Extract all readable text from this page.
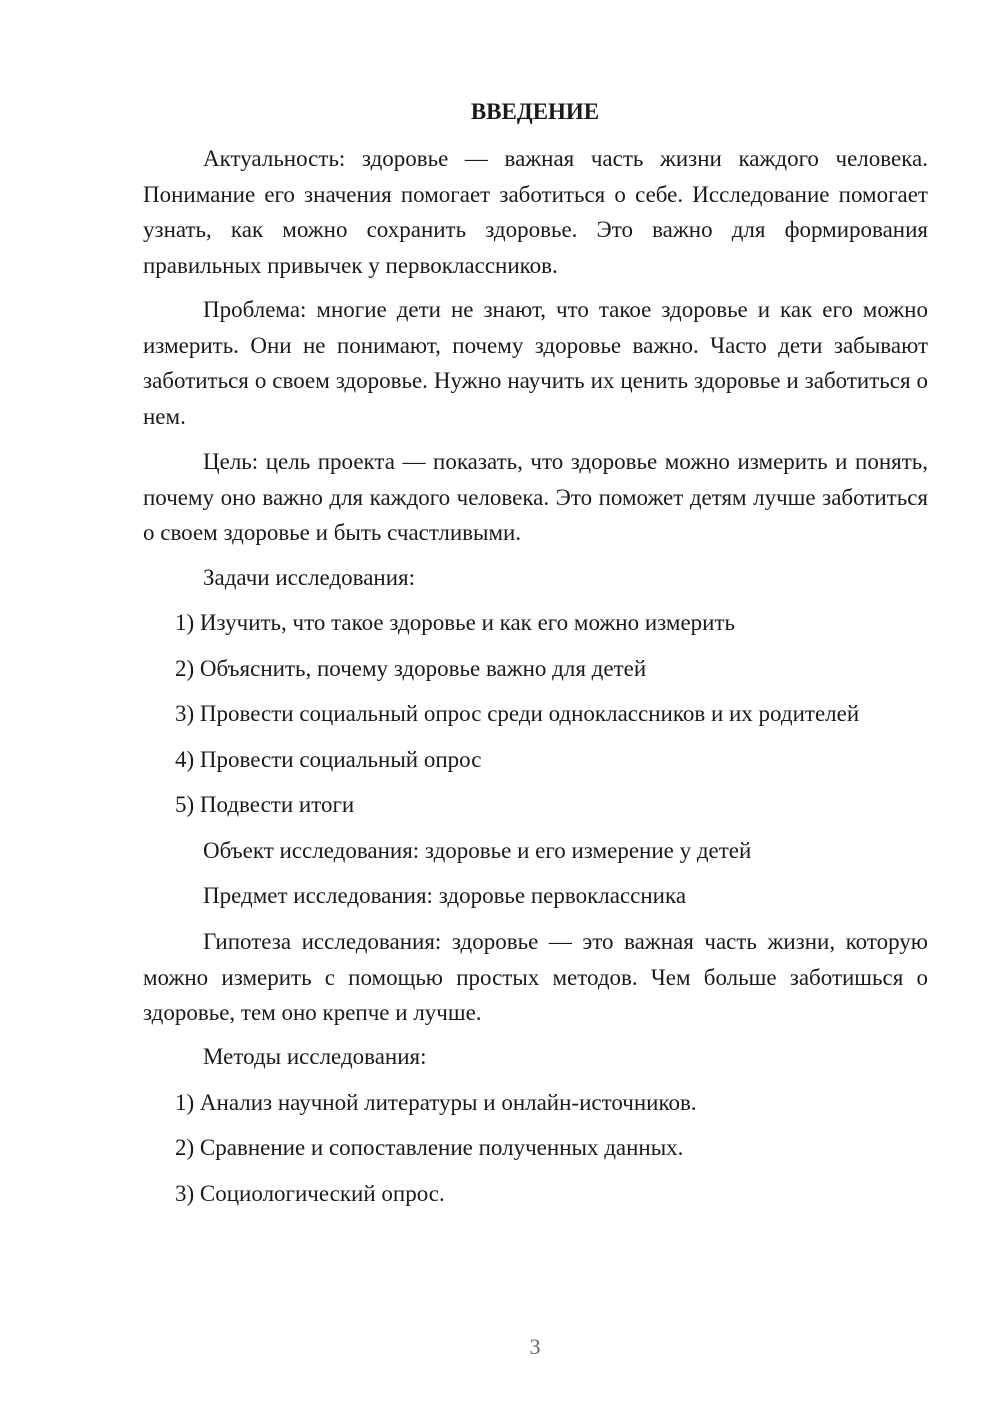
ВВЕДЕНИЕ

Актуальность: здоровье — важная часть жизни каждого человека. Понимание его значения помогает заботиться о себе. Исследование помогает узнать, как можно сохранить здоровье. Это важно для формирования правильных привычек у первоклассников.

Проблема: многие дети не знают, что такое здоровье и как его можно измерить. Они не понимают, почему здоровье важно. Часто дети забывают заботиться о своем здоровье. Нужно научить их ценить здоровье и заботиться о нем.

Цель: цель проекта — показать, что здоровье можно измерить и понять, почему оно важно для каждого человека. Это поможет детям лучше заботиться о своем здоровье и быть счастливыми.

Задачи исследования:

1) Изучить, что такое здоровье и как его можно измерить

2) Объяснить, почему здоровье важно для детей

3) Провести социальный опрос среди одноклассников и их родителей

4) Провести социальный опрос

5) Подвести итоги

Объект исследования: здоровье и его измерение у детей

Предмет исследования: здоровье первоклассника

Гипотеза исследования: здоровье — это важная часть жизни, которую можно измерить с помощью простых методов. Чем больше заботишься о здоровье, тем оно крепче и лучше.

Методы исследования:

1) Анализ научной литературы и онлайн-источников.

2) Сравнение и сопоставление полученных данных.

3) Социологический опрос.

3
